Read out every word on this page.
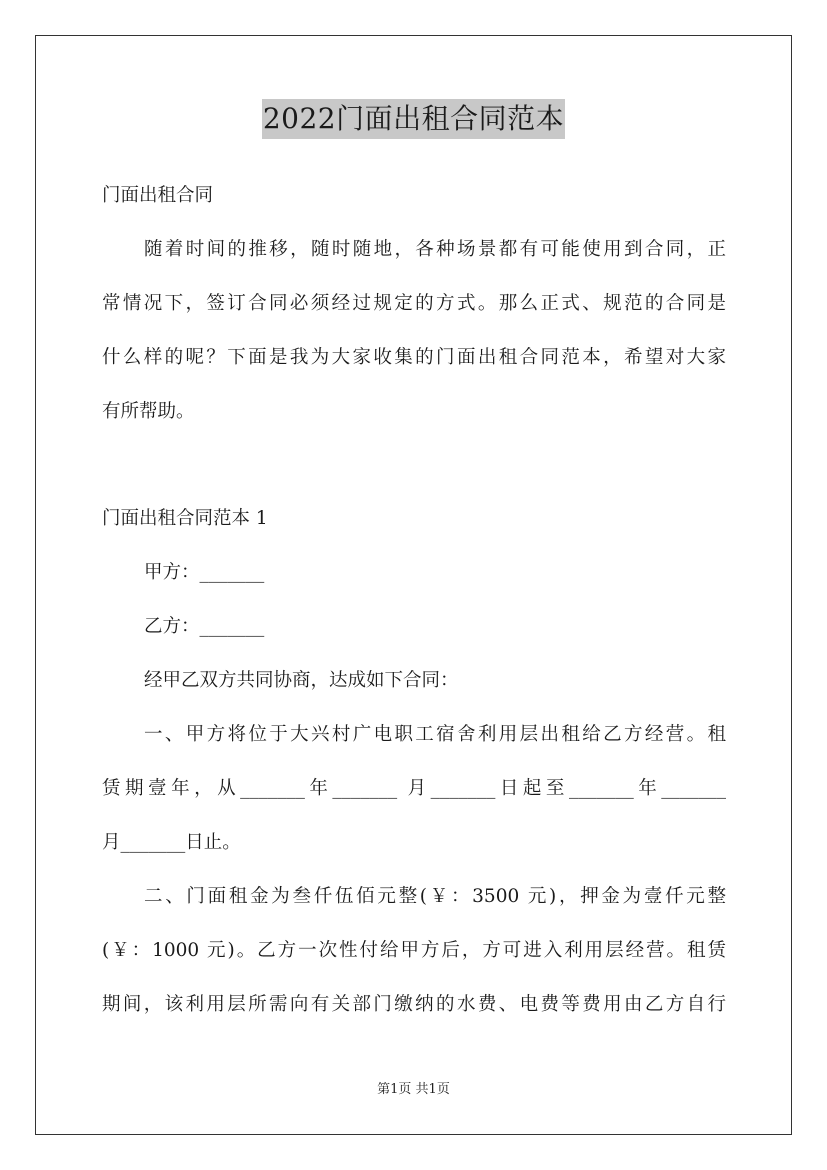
2022门面出租合同范本
门面出租合同
随着时间的推移，随时随地，各种场景都有可能使用到合同，正
常情况下，签订合同必须经过规定的方式。那么正式、规范的合同是
什么样的呢？下面是我为大家收集的门面出租合同范本，希望对大家
有所帮助。
门面出租合同范本 1
甲方：_______
乙方：_______
经甲乙双方共同协商，达成如下合同：
一、甲方将位于大兴村广电职工宿舍利用层出租给乙方经营。租
赁期壹年，从_______年_______ 月_______日起至_______年_______
月_______日止。
二、门面租金为叁仟伍佰元整(￥：3500 元)，押金为壹仟元整
(￥：1000 元)。乙方一次性付给甲方后，方可进入利用层经营。租赁
期间，该利用层所需向有关部门缴纳的水费、电费等费用由乙方自行
第1页 共1页
